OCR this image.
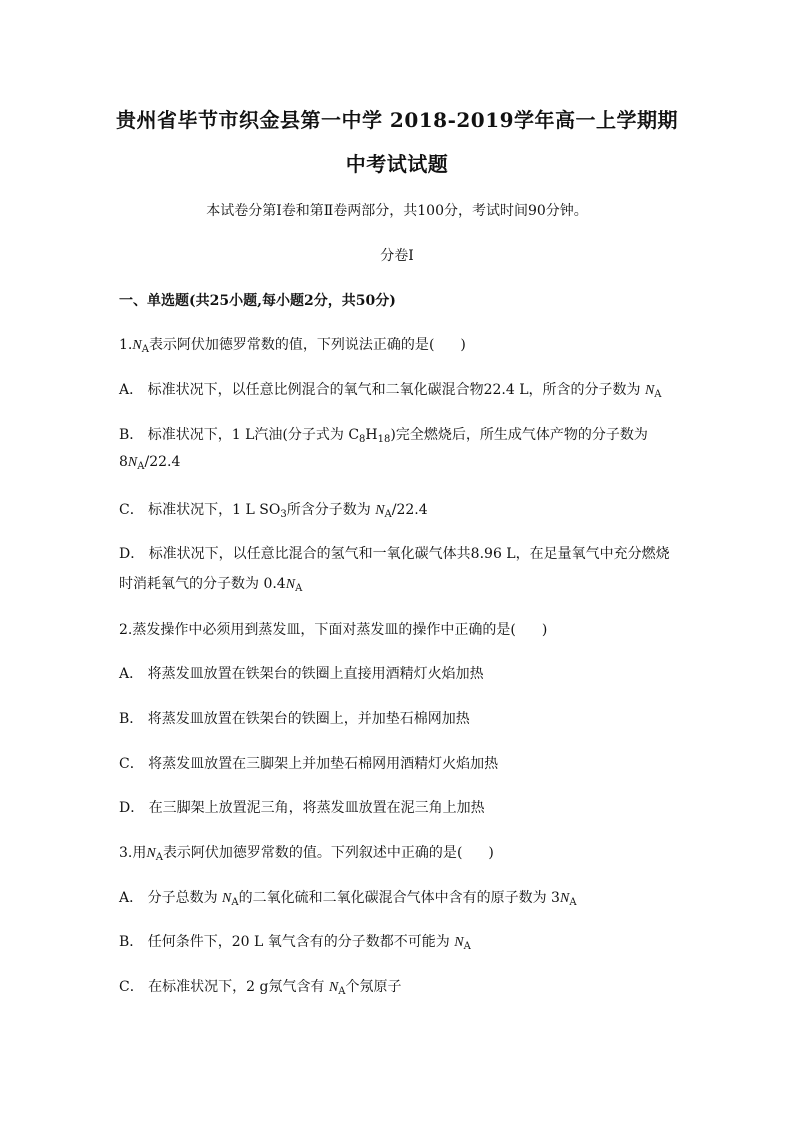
贵州省毕节市织金县第一中学 2018-2019学年高一上学期期
中考试试题
本试卷分第Ⅰ卷和第Ⅱ卷两部分，共100分，考试时间90分钟。
分卷I
一、单选题(共25小题,每小题2分，共50分)
$1.N_A$表示阿伏加德罗常数的值，下列说法正确的是( )
A． 标准状况下，以任意比例混合的氧气和二氧化碳混合物22.4 L，所含的分子数为 $N_A$
B． 标准状况下，1 L汽油(分子式为 $C_8H_{18}$)完全燃烧后，所生成气体产物的分子数为
$8N_A/22.4$
C． 标准状况下，1 L $SO_3$所含分子数为 $N_A/22.4$
D． 标准状况下，以任意比混合的氢气和一氧化碳气体共8.96 L，在足量氧气中充分燃烧
时消耗氧气的分子数为 $0.4N_A$
2.蒸发操作中必须用到蒸发皿，下面对蒸发皿的操作中正确的是( )
A． 将蒸发皿放置在铁架台的铁圈上直接用酒精灯火焰加热
B． 将蒸发皿放置在铁架台的铁圈上，并加垫石棉网加热
C． 将蒸发皿放置在三脚架上并加垫石棉网用酒精灯火焰加热
D． 在三脚架上放置泥三角，将蒸发皿放置在泥三角上加热
3.用$N_A$表示阿伏加德罗常数的值。下列叙述中正确的是( )
A． 分子总数为 $N_A$的二氧化硫和二氧化碳混合气体中含有的原子数为 $3N_A$
B． 任何条件下，20 L 氧气含有的分子数都不可能为 $N_A$
C． 在标准状况下，2 g氖气含有 $N_A$个氖原子
